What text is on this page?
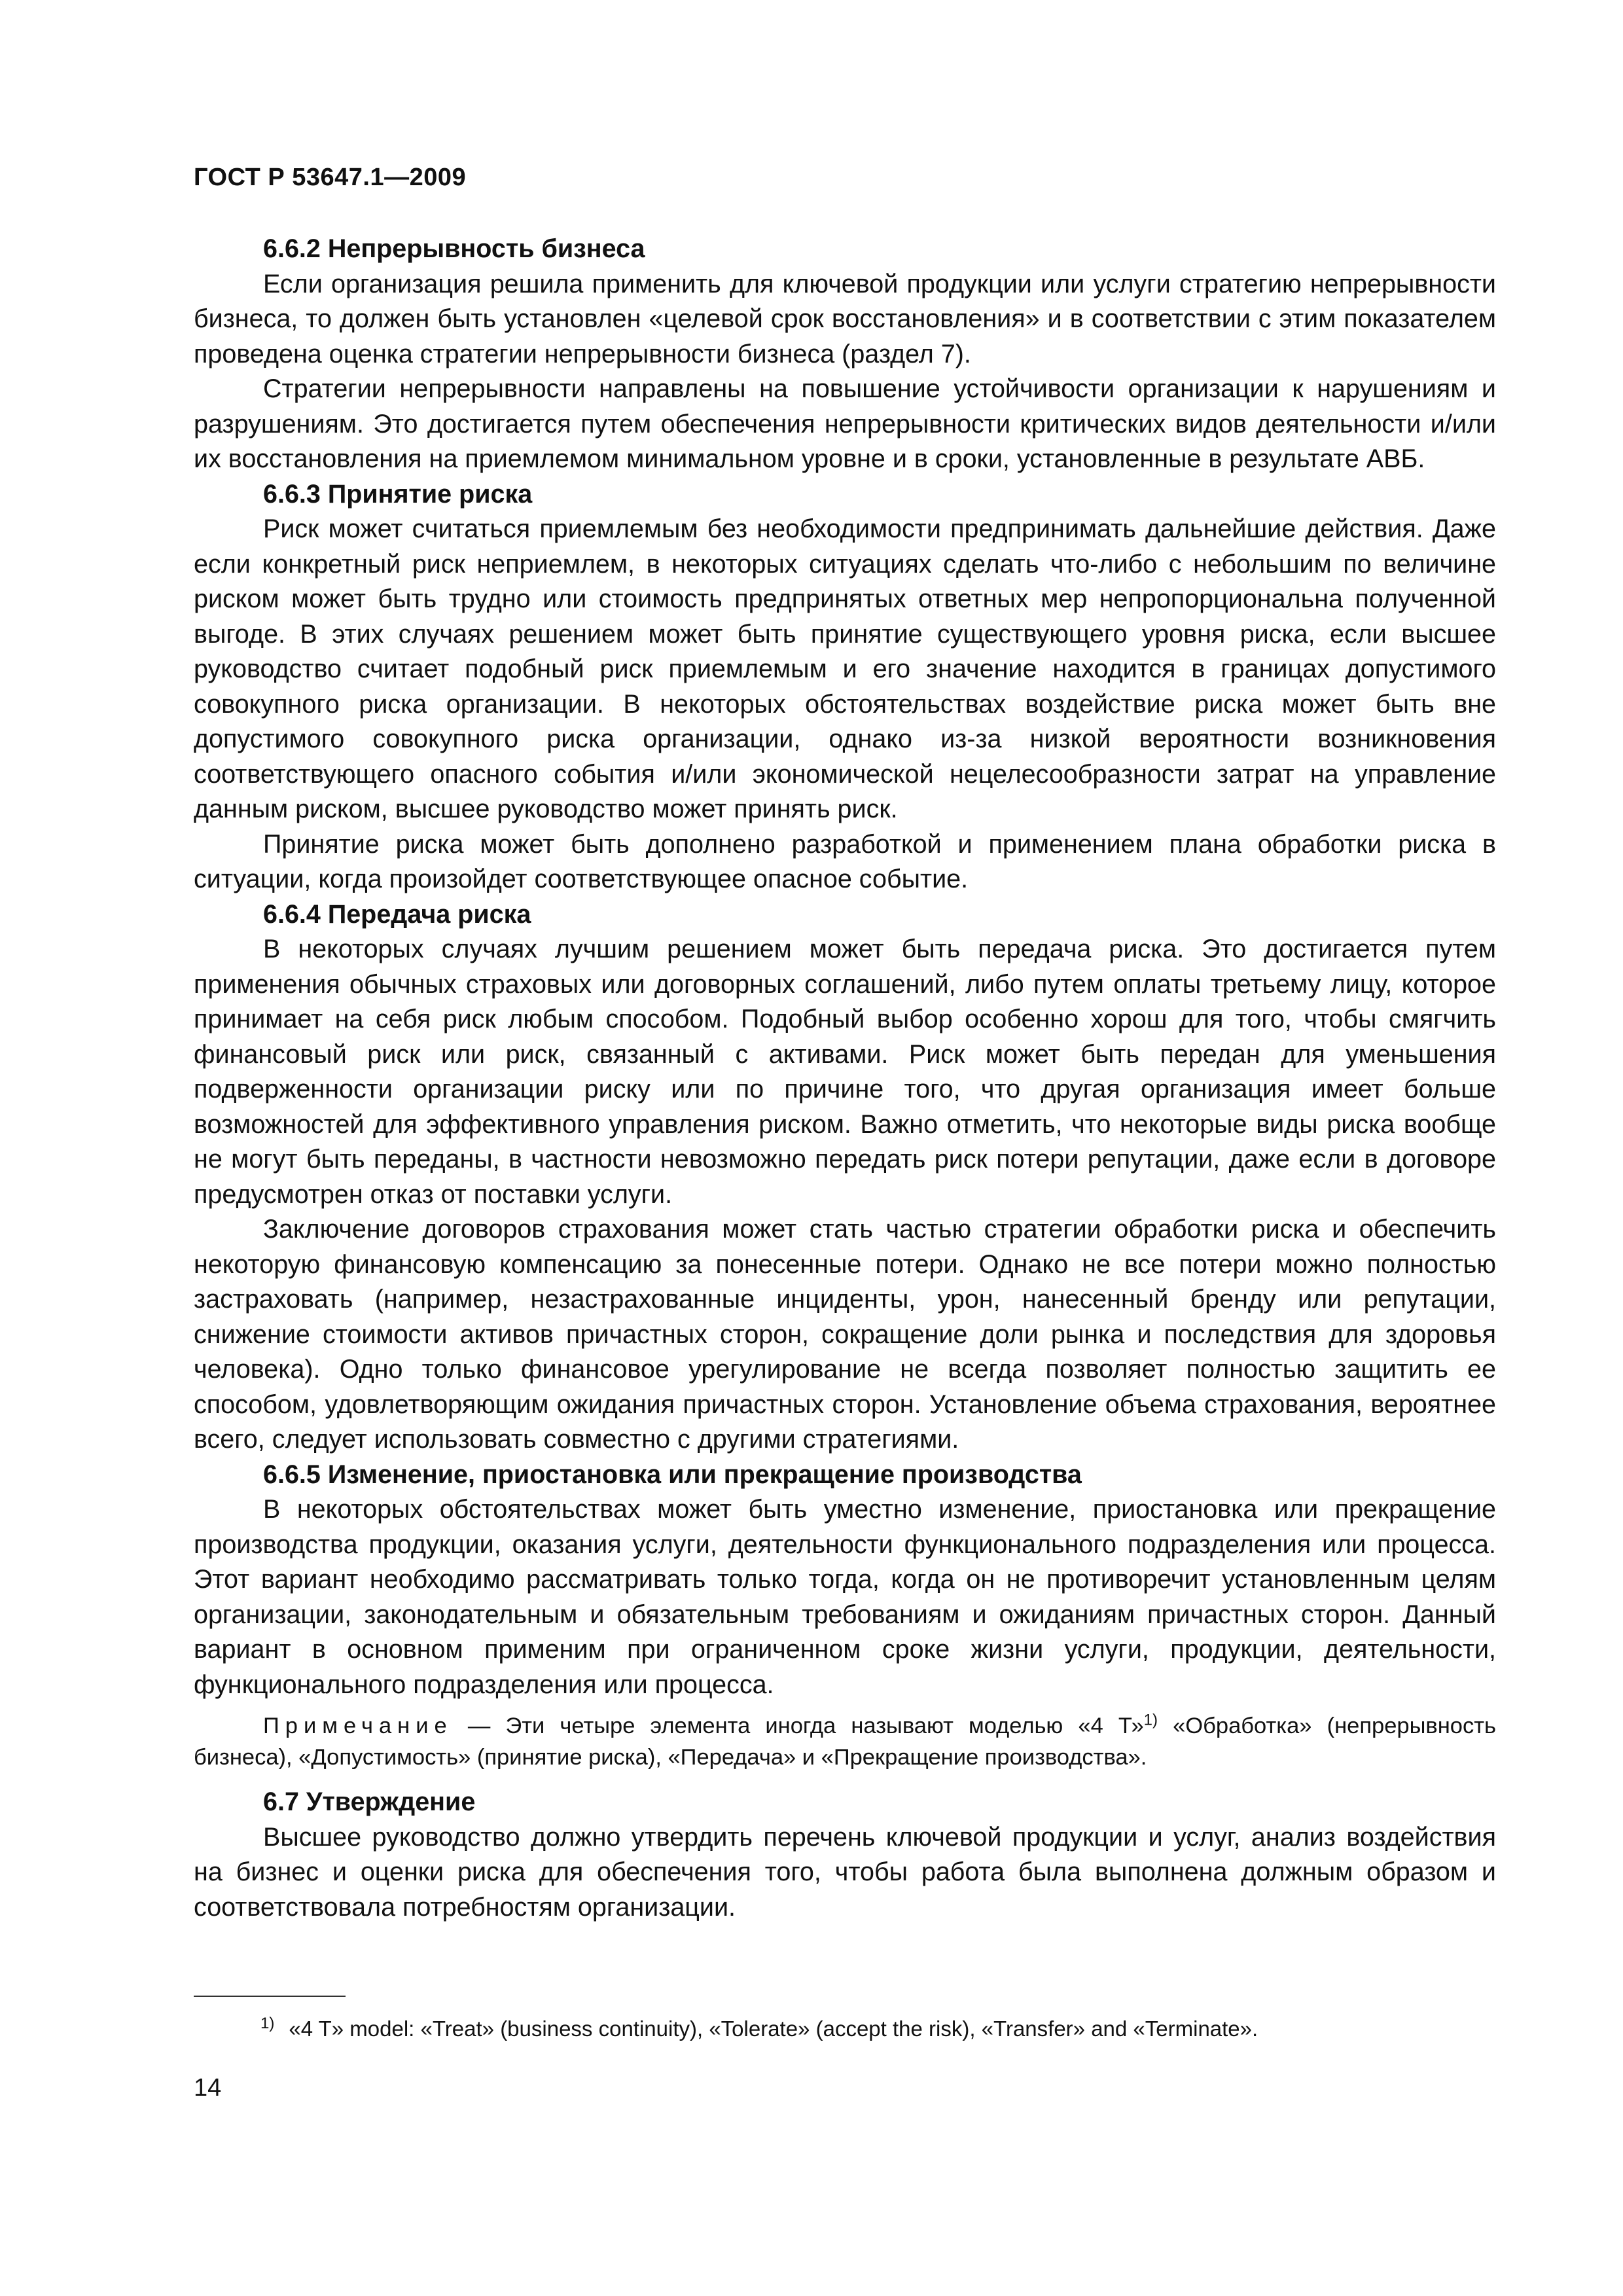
ГОСТ Р 53647.1—2009
6.6.2 Непрерывность бизнеса

Если организация решила применить для ключевой продукции или услуги стратегию непрерывности бизнеса, то должен быть установлен «целевой срок восстановления» и в соответствии с этим показателем проведена оценка стратегии непрерывности бизнеса (раздел 7).

Стратегии непрерывности направлены на повышение устойчивости организации к нарушениям и разрушениям. Это достигается путем обеспечения непрерывности критических видов деятельности и/или их восстановления на приемлемом минимальном уровне и в сроки, установленные в результате АВБ.

6.6.3 Принятие риска

Риск может считаться приемлемым без необходимости предпринимать дальнейшие действия. Даже если конкретный риск неприемлем, в некоторых ситуациях сделать что-либо с небольшим по величине риском может быть трудно или стоимость предпринятых ответных мер непропорциональна полученной выгоде. В этих случаях решением может быть принятие существующего уровня риска, если высшее руководство считает подобный риск приемлемым и его значение находится в границах допустимого совокупного риска организации. В некоторых обстоятельствах воздействие риска может быть вне допустимого совокупного риска организации, однако из-за низкой вероятности возникновения соответствующего опасного события и/или экономической нецелесообразности затрат на управление данным риском, высшее руководство может принять риск.

Принятие риска может быть дополнено разработкой и применением плана обработки риска в ситуации, когда произойдет соответствующее опасное событие.

6.6.4 Передача риска

В некоторых случаях лучшим решением может быть передача риска. Это достигается путем применения обычных страховых или договорных соглашений, либо путем оплаты третьему лицу, которое принимает на себя риск любым способом. Подобный выбор особенно хорош для того, чтобы смягчить финансовый риск или риск, связанный с активами. Риск может быть передан для уменьшения подверженности организации риску или по причине того, что другая организация имеет больше возможностей для эффективного управления риском. Важно отметить, что некоторые виды риска вообще не могут быть переданы, в частности невозможно передать риск потери репутации, даже если в договоре предусмотрен отказ от поставки услуги.

Заключение договоров страхования может стать частью стратегии обработки риска и обеспечить некоторую финансовую компенсацию за понесенные потери. Однако не все потери можно полностью застраховать (например, незастрахованные инциденты, урон, нанесенный бренду или репутации, снижение стоимости активов причастных сторон, сокращение доли рынка и последствия для здоровья человека). Одно только финансовое урегулирование не всегда позволяет полностью защитить ее способом, удовлетворяющим ожидания причастных сторон. Установление объема страхования, вероятнее всего, следует использовать совместно с другими стратегиями.

6.6.5 Изменение, приостановка или прекращение производства

В некоторых обстоятельствах может быть уместно изменение, приостановка или прекращение производства продукции, оказания услуги, деятельности функционального подразделения или процесса. Этот вариант необходимо рассматривать только тогда, когда он не противоречит установленным целям организации, законодательным и обязательным требованиям и ожиданиям причастных сторон. Данный вариант в основном применим при ограниченном сроке жизни услуги, продукции, деятельности, функционального подразделения или процесса.

Примечание — Эти четыре элемента иногда называют моделью «4 Т»$^{1)}$ «Обработка» (непрерывность бизнеса), «Допустимость» (принятие риска), «Передача» и «Прекращение производства».

6.7 Утверждение

Высшее руководство должно утвердить перечень ключевой продукции и услуг, анализ воздействия на бизнес и оценки риска для обеспечения того, чтобы работа была выполнена должным образом и соответствовала потребностям организации.

$^{1)}$ «4 T» model: «Treat» (business continuity), «Tolerate» (accept the risk), «Transfer» and «Terminate».
14
